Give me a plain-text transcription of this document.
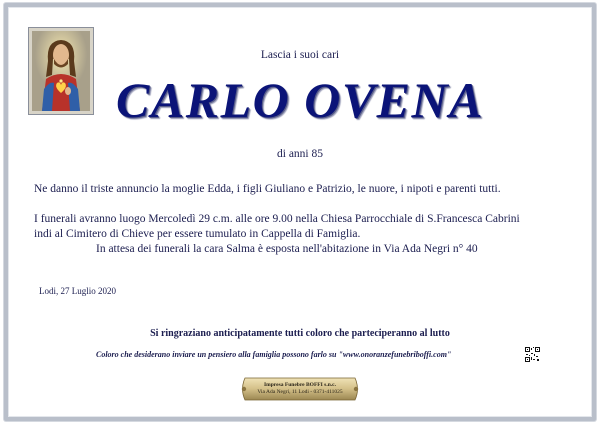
Lascia i suoi cari
CARLO OVENA
di anni 85
Ne danno il triste annuncio la moglie Edda, i figli Giuliano e Patrizio, le nuore, i nipoti e parenti tutti.
I funerali avranno luogo Mercoledì 29 c.m. alle ore 9.00 nella Chiesa Parrocchiale di S.Francesca Cabrini
indi al Cimitero di Chieve per essere tumulato in Cappella di Famiglia.
In attesa dei funerali la cara Salma è esposta nell'abitazione in Via Ada Negri n° 40
Lodi, 27 Luglio 2020
Si ringraziano anticipatamente tutti coloro che parteciperanno al lutto
Coloro che desiderano inviare un pensiero alla famiglia possono farlo su "www.onoranzefunebriboffi.com"
Impresa Funebre BOFFI s.n.c.
Via Ada Negri, 11 Lodi - 0371-411025
